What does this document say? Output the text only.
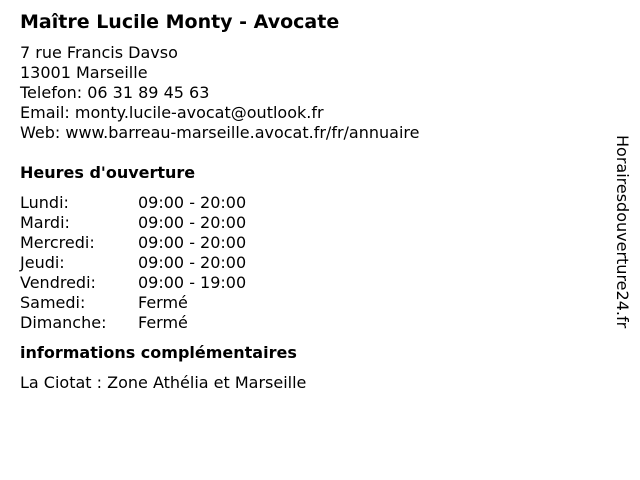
Maître Lucile Monty - Avocate

7 rue Francis Davso

13001 Marseille

Telefon: 06 31 89 45 63

Email: monty.lucile-avocat@outlook.fr

Web: www.barreau-marseille.avocat.fr/fr/annuaire

Heures d'ouverture
Lundi:	09:00 - 20:00
Mardi:	09:00 - 20:00
Mercredi:	09:00 - 20:00
Jeudi:	09:00 - 20:00
Vendredi:	09:00 - 19:00
Samedi:	Fermé
Dimanche:	Fermé
informations complémentaires

La Ciotat : Zone Athélia et Marseille

Horairesdouverture24.fr
